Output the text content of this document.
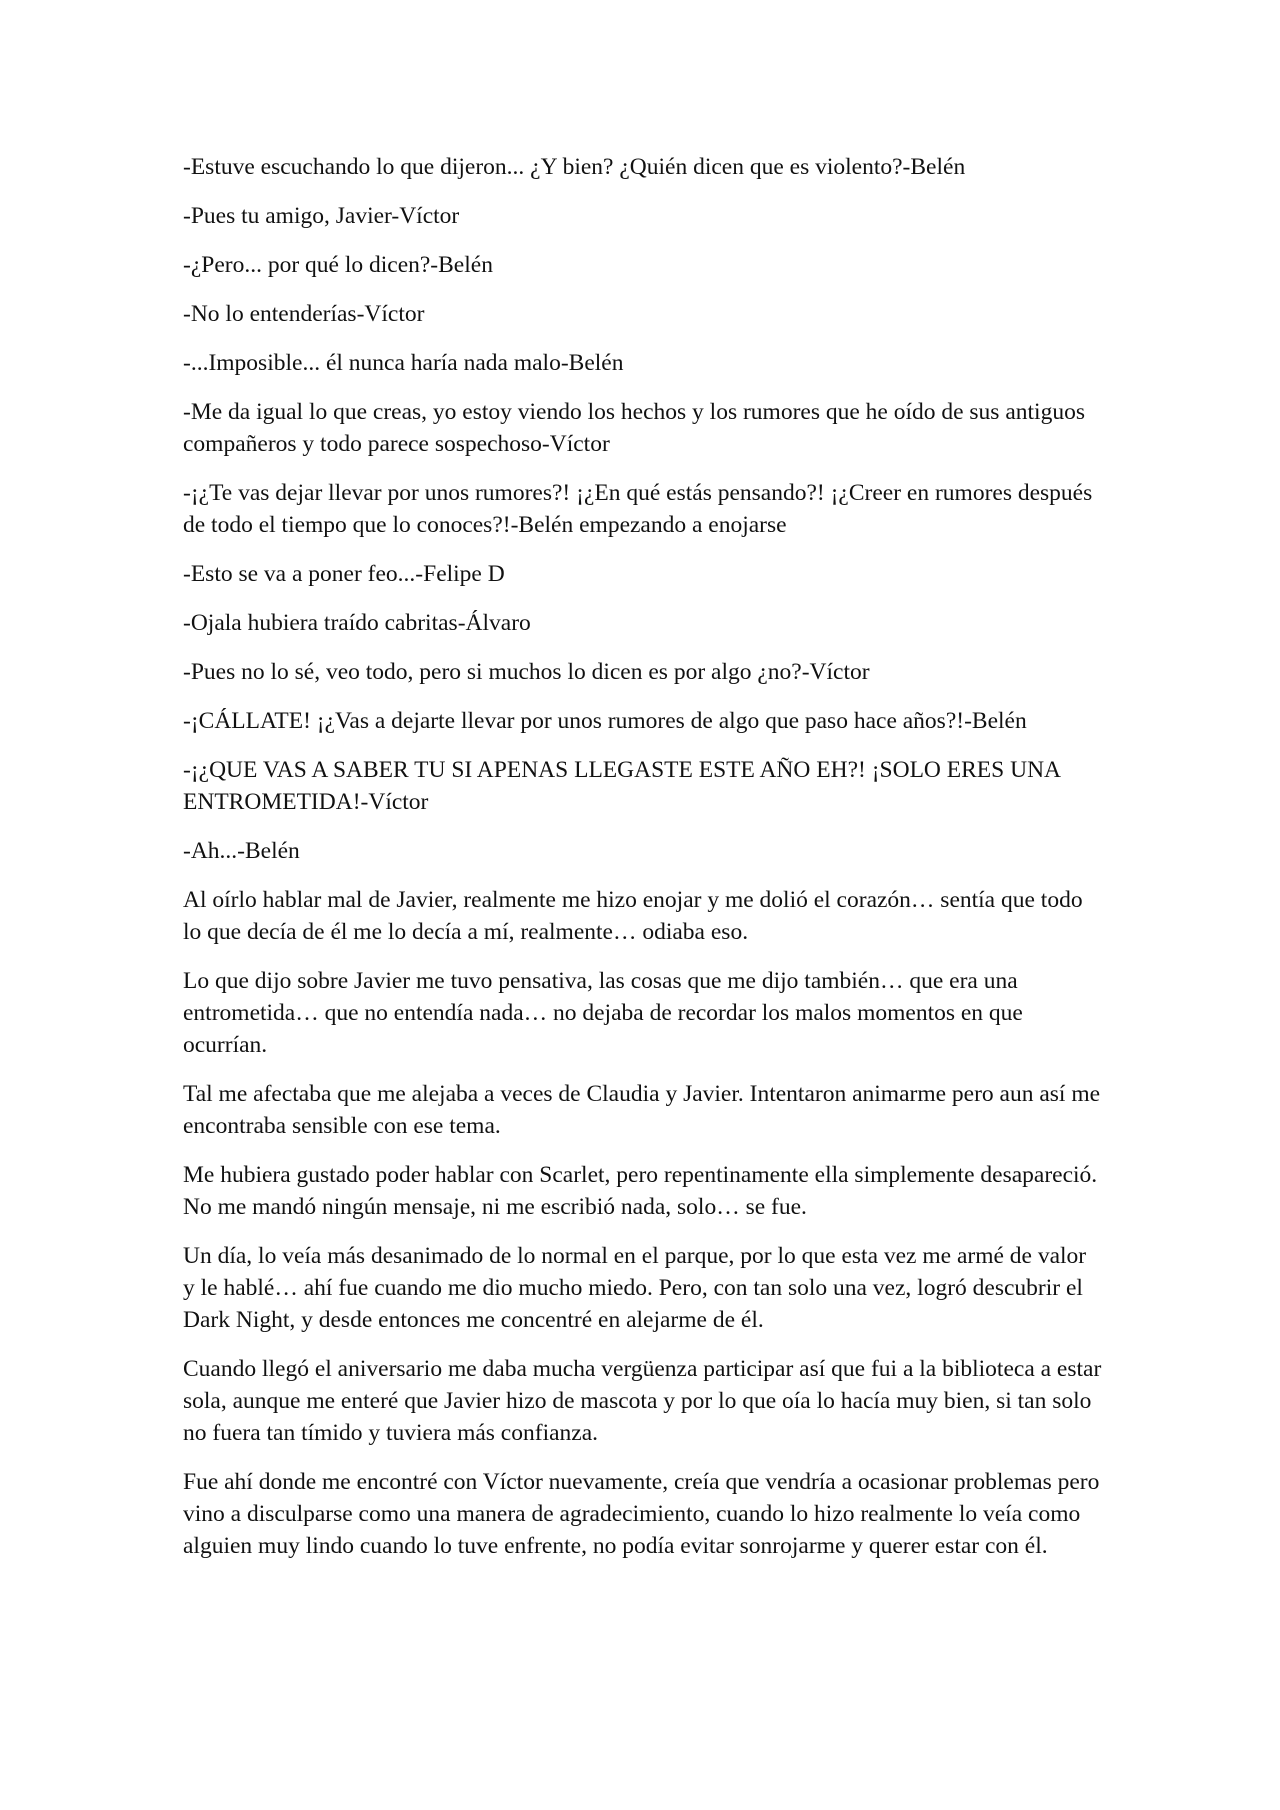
-Estuve escuchando lo que dijeron... ¿Y bien? ¿Quién dicen que es violento?-Belén

-Pues tu amigo, Javier-Víctor

-¿Pero... por qué lo dicen?-Belén

-No lo entenderías-Víctor

-...Imposible... él nunca haría nada malo-Belén

-Me da igual lo que creas, yo estoy viendo los hechos y los rumores que he oído de sus antiguos compañeros y todo parece sospechoso-Víctor

-¡¿Te vas dejar llevar por unos rumores?! ¡¿En qué estás pensando?! ¡¿Creer en rumores después de todo el tiempo que lo conoces?!-Belén empezando a enojarse

-Esto se va a poner feo...-Felipe D

-Ojala hubiera traído cabritas-Álvaro

-Pues no lo sé, veo todo, pero si muchos lo dicen es por algo ¿no?-Víctor

-¡CÁLLATE! ¡¿Vas a dejarte llevar por unos rumores de algo que paso hace años?!-Belén

-¡¿QUE VAS A SABER TU SI APENAS LLEGASTE ESTE AÑO EH?! ¡SOLO ERES UNA ENTROMETIDA!-Víctor

-Ah...-Belén

Al oírlo hablar mal de Javier, realmente me hizo enojar y me dolió el corazón… sentía que todo lo que decía de él me lo decía a mí, realmente… odiaba eso.

Lo que dijo sobre Javier me tuvo pensativa, las cosas que me dijo también… que era una entrometida… que no entendía nada… no dejaba de recordar los malos momentos en que ocurrían.

Tal me afectaba que me alejaba a veces de Claudia y Javier. Intentaron animarme pero aun así me encontraba sensible con ese tema.

Me hubiera gustado poder hablar con Scarlet, pero repentinamente ella simplemente desapareció. No me mandó ningún mensaje, ni me escribió nada, solo… se fue.

Un día, lo veía más desanimado de lo normal en el parque, por lo que esta vez me armé de valor y le hablé… ahí fue cuando me dio mucho miedo. Pero, con tan solo una vez, logró descubrir el Dark Night, y desde entonces me concentré en alejarme de él.

Cuando llegó el aniversario me daba mucha vergüenza participar así que fui a la biblioteca a estar sola, aunque me enteré que Javier hizo de mascota y por lo que oía lo hacía muy bien, si tan solo no fuera tan tímido y tuviera más confianza.

Fue ahí donde me encontré con Víctor nuevamente, creía que vendría a ocasionar problemas pero vino a disculparse como una manera de agradecimiento, cuando lo hizo realmente lo veía como alguien muy lindo cuando lo tuve enfrente, no podía evitar sonrojarme y querer estar con él.
